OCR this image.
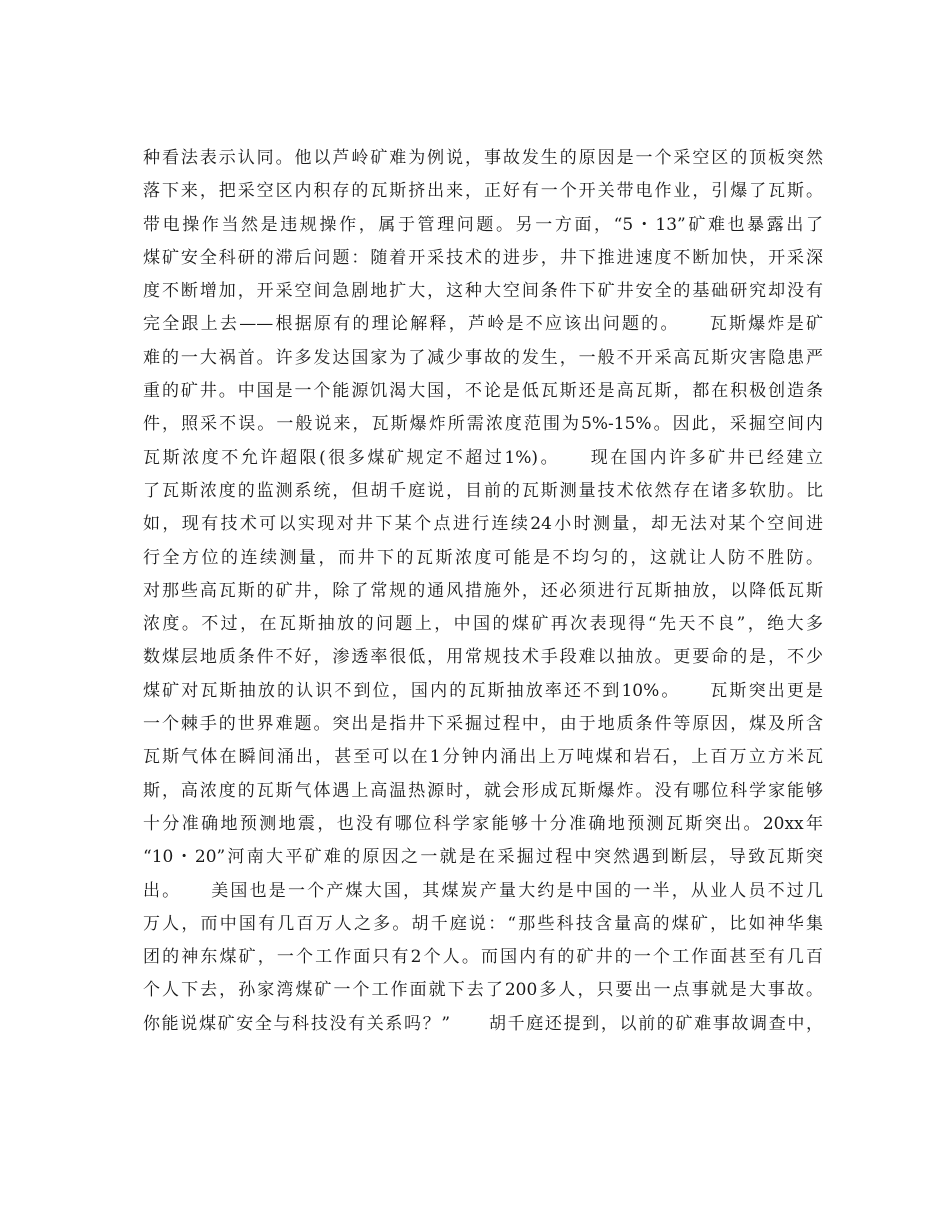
种看法表示认同。他以芦岭矿难为例说，事故发生的原因是一个采空区的顶板突然
落下来，把采空区内积存的瓦斯挤出来，正好有一个开关带电作业，引爆了瓦斯。
带电操作当然是违规操作，属于管理问题。另一方面，“5・13”矿难也暴露出了
煤矿安全科研的滞后问题：随着开采技术的进步，井下推进速度不断加快，开采深
度不断增加，开采空间急剧地扩大，这种大空间条件下矿井安全的基础研究却没有
完全跟上去——根据原有的理论解释，芦岭是不应该出问题的。　　瓦斯爆炸是矿
难的一大祸首。许多发达国家为了减少事故的发生，一般不开采高瓦斯灾害隐患严
重的矿井。中国是一个能源饥渴大国，不论是低瓦斯还是高瓦斯，都在积极创造条
件，照采不误。一般说来，瓦斯爆炸所需浓度范围为5%-15%。因此，采掘空间内
瓦斯浓度不允许超限(很多煤矿规定不超过1%)。　　现在国内许多矿井已经建立
了瓦斯浓度的监测系统，但胡千庭说，目前的瓦斯测量技术依然存在诸多软肋。比
如，现有技术可以实现对井下某个点进行连续24小时测量，却无法对某个空间进
行全方位的连续测量，而井下的瓦斯浓度可能是不均匀的，这就让人防不胜防。
对那些高瓦斯的矿井，除了常规的通风措施外，还必须进行瓦斯抽放，以降低瓦斯
浓度。不过，在瓦斯抽放的问题上，中国的煤矿再次表现得“先天不良”，绝大多
数煤层地质条件不好，渗透率很低，用常规技术手段难以抽放。更要命的是，不少
煤矿对瓦斯抽放的认识不到位，国内的瓦斯抽放率还不到10%。　　瓦斯突出更是
一个棘手的世界难题。突出是指井下采掘过程中，由于地质条件等原因，煤及所含
瓦斯气体在瞬间涌出，甚至可以在1分钟内涌出上万吨煤和岩石，上百万立方米瓦
斯，高浓度的瓦斯气体遇上高温热源时，就会形成瓦斯爆炸。没有哪位科学家能够
十分准确地预测地震，也没有哪位科学家能够十分准确地预测瓦斯突出。20xx年
“10・20”河南大平矿难的原因之一就是在采掘过程中突然遇到断层，导致瓦斯突
出。　　美国也是一个产煤大国，其煤炭产量大约是中国的一半，从业人员不过几
万人，而中国有几百万人之多。胡千庭说：“那些科技含量高的煤矿，比如神华集
团的神东煤矿，一个工作面只有2个人。而国内有的矿井的一个工作面甚至有几百
个人下去，孙家湾煤矿一个工作面就下去了200多人，只要出一点事就是大事故。
你能说煤矿安全与科技没有关系吗？”　　胡千庭还提到，以前的矿难事故调查中，
